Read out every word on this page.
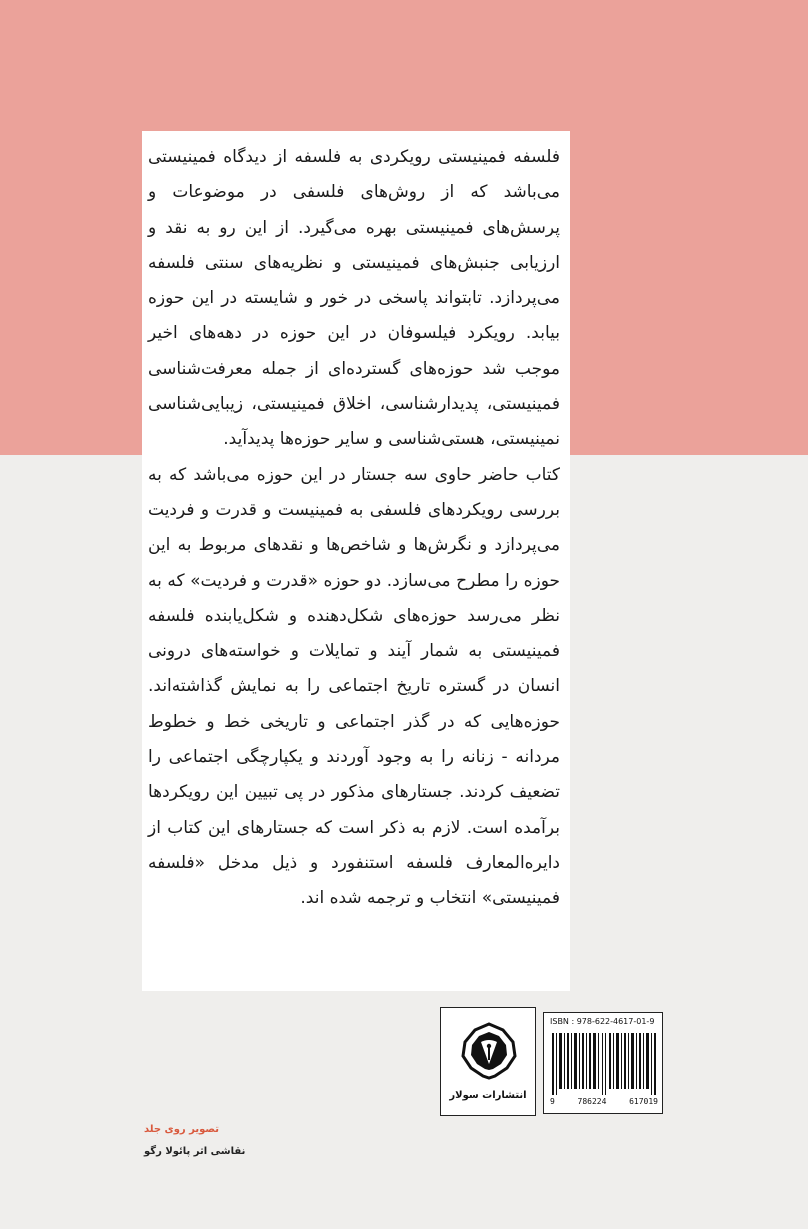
فلسفه فمینیستی رویکردی به فلسفه از دیدگاه فمینیستی می‌باشد که از روش‌های فلسفی در موضوعات و پرسش‌های فمینیستی بهره می‌گیرد. از این رو به نقد و ارزیابی جنبش‌های فمینیستی و نظریه‌های سنتی فلسفه می‌پردازد. تابتواند پاسخی در خور و شایسته در این حوزه بیابد. رویکرد فیلسوفان در این حوزه در دهه‌های اخیر موجب شد حوزه‌های گسترده‌ای از جمله معرفت‌شناسی فمینیستی، پدیدارشناسی، اخلاق فمینیستی، زیبایی‌شناسی نمینیستی، هستی‌شناسی و سایر حوزه‌ها پدیدآید.

کتاب حاضر حاوی سه جستار در این حوزه می‌باشد که به بررسی رویکردهای فلسفی به فمینیست و قدرت و فردیت می‌پردازد و نگرش‌ها و شاخص‌ها و نقدهای مربوط به این حوزه را مطرح می‌سازد. دو حوزه «قدرت و فردیت» که به نظر می‌رسد حوزه‌های شکل‌دهنده و شکل‌یابنده فلسفه فمینیستی به شمار آیند و تمایلات و خواسته‌های درونی انسان در گستره تاریخ اجتماعی را به نمایش گذاشته‌اند. حوزه‌هایی که در گذر اجتماعی و تاریخی خط و خطوط مردانه - زنانه را به وجود آوردند و یکپارچگی اجتماعی را تضعیف کردند. جستارهای مذکور در پی تبیین این رویکردها برآمده است. لازم به ذکر است که جستارهای این کتاب از دایره‌المعارف فلسفه استنفورد و ذیل مدخل «فلسفه فمینیستی» انتخاب و ترجمه شده اند.

انتشارات سولار
ISBN : 978-622-4617-01-9
9	786224	617019
تصویر روی جلد
نقاشی اثر پائولا رگو
